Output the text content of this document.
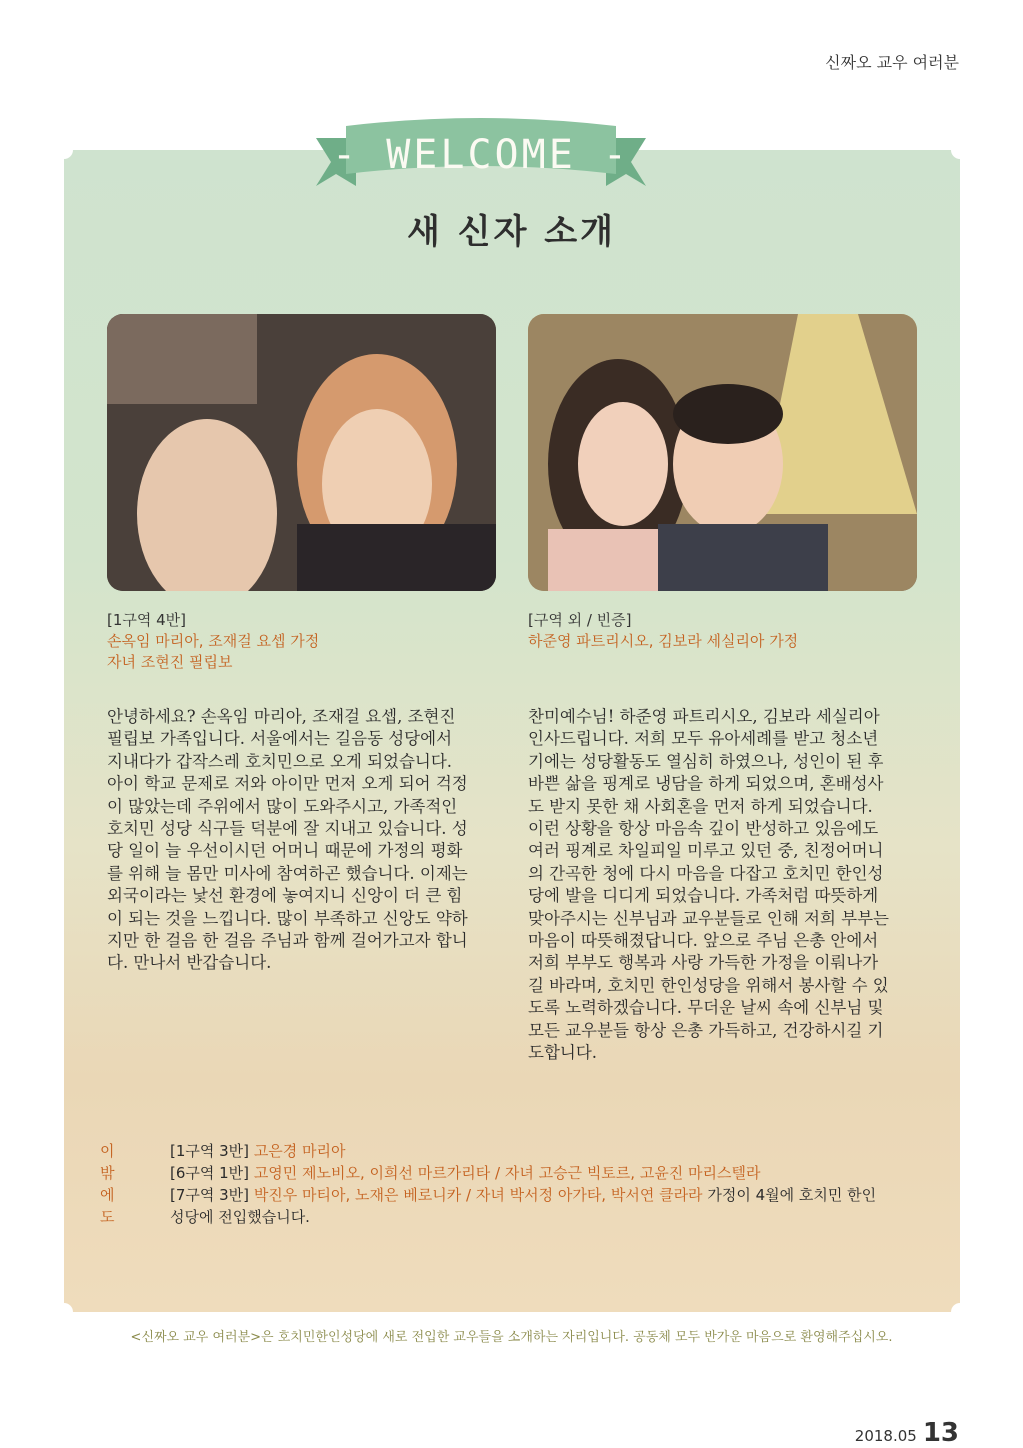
신짜오 교우 여러분
- WELCOME -
새 신자 소개
[1구역 4반]
손옥임 마리아, 조재걸 요셉 가정
자녀 조현진 필립보
[구역 외 / 빈증]
하준영 파트리시오, 김보라 세실리아 가정
안녕하세요? 손옥임 마리아, 조재걸 요셉, 조현진
필립보 가족입니다. 서울에서는 길음동 성당에서
지내다가 갑작스레 호치민으로 오게 되었습니다.
아이 학교 문제로 저와 아이만 먼저 오게 되어 걱정
이 많았는데 주위에서 많이 도와주시고, 가족적인
호치민 성당 식구들 덕분에 잘 지내고 있습니다. 성
당 일이 늘 우선이시던 어머니 때문에 가정의 평화
를 위해 늘 몸만 미사에 참여하곤 했습니다. 이제는
외국이라는 낯선 환경에 놓여지니 신앙이 더 큰 힘
이 되는 것을 느낍니다. 많이 부족하고 신앙도 약하
지만 한 걸음 한 걸음 주님과 함께 걸어가고자 합니
다. 만나서 반갑습니다.
찬미예수님! 하준영 파트리시오, 김보라 세실리아
인사드립니다. 저희 모두 유아세례를 받고 청소년
기에는 성당활동도 열심히 하였으나, 성인이 된 후
바쁜 삶을 핑계로 냉담을 하게 되었으며, 혼배성사
도 받지 못한 채 사회혼을 먼저 하게 되었습니다.
이런 상황을 항상 마음속 깊이 반성하고 있음에도
여러 핑계로 차일피일 미루고 있던 중, 친정어머니
의 간곡한 청에 다시 마음을 다잡고 호치민 한인성
당에 발을 디디게 되었습니다. 가족처럼 따뜻하게
맞아주시는 신부님과 교우분들로 인해 저희 부부는
마음이 따뜻해졌답니다. 앞으로 주님 은총 안에서
저희 부부도 행복과 사랑 가득한 가정을 이뤄나가
길 바라며, 호치민 한인성당을 위해서 봉사할 수 있
도록 노력하겠습니다. 무더운 날씨 속에 신부님 및
모든 교우분들 항상 은총 가득하고, 건강하시길 기
도합니다.
이밖에도
[1구역 3반] 고은경 마리아
[6구역 1반] 고영민 제노비오, 이희선 마르가리타 / 자녀 고승근 빅토르, 고윤진 마리스텔라
[7구역 3반] 박진우 마티아, 노재은 베로니카 / 자녀 박서정 아가타, 박서연 클라라 가정이 4월에 호치민 한인
성당에 전입했습니다.
<신짜오 교우 여러분>은 호치민한인성당에 새로 전입한 교우들을 소개하는 자리입니다. 공동체 모두 반가운 마음으로 환영해주십시오.
2018.05 13
